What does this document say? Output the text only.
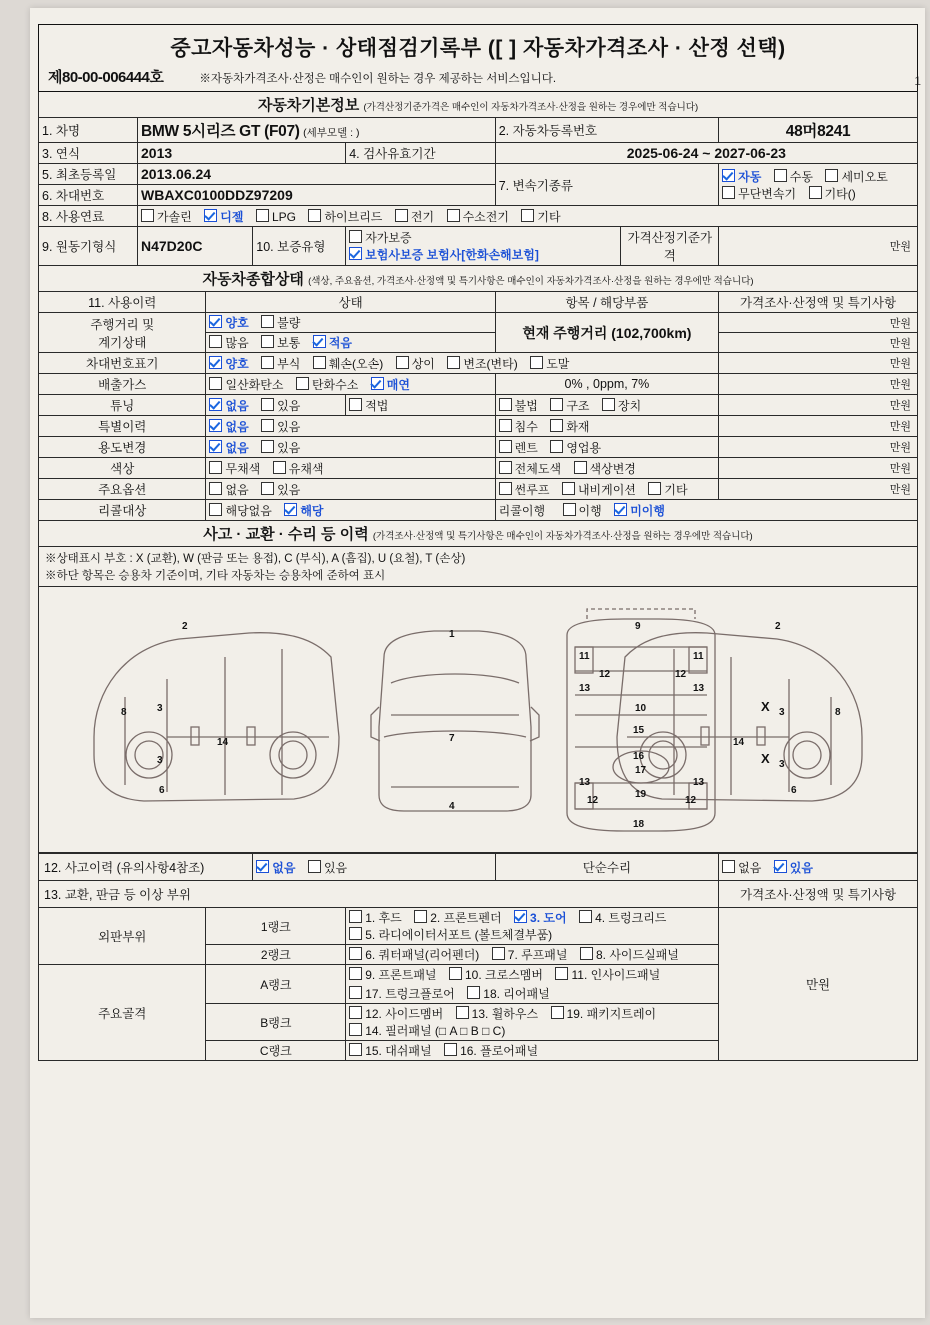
1
중고자동차성능 · 상태점검기록부 ([ ] 자동차가격조사 · 산정 선택)
제80-00-006444호 ※자동차가격조사·산정은 매수인이 원하는 경우 제공하는 서비스입니다.							

자동차기본정보 (가격산정기준가격은 매수인이 자동차가격조사·산정을 원하는 경우에만 적습니다)							
1. 차명	BMW 5시리즈 GT (F07) (세부모델 : )				2. 자동차등록번호		48머8241
3. 연식	2013			4. 검사유효기간	2025-06-24 ~ 2027-06-23		
5. 최초등록일	2013.06.24				7. 변속기종류		자동 수동 세미오토
무단변속기 기타()

6. 차대번호	WBAXC0100DDZ97209						
8. 사용연료	가솔린 디젤 LPG 하이브리드 전기 수소전기 기타						
9. 원동기형식	N47D20C		10. 보증유형	자가보증 보험사보증 보험사[한화손해보험]		가격산정기준가격	만원
자동차종합상태 (색상, 주요옵션, 가격조사·산정액 및 특기사항은 매수인이 자동차가격조사·산정을 원하는 경우에만 적습니다)							
11. 사용이력		상태			항목 / 해당부품		가격조사·산정액 및 특기사항
주행거리 및
계기상태		양호 불량			현재 주행거리 (102,700km)		만원
		많음 보통 적음					만원
차대번호표기		양호 부식 훼손(오손) 상이 변조(변타) 도말					만원
배출가스		일산화탄소 탄화수소 매연			0% , 0ppm, 7%		만원
튜닝		없음 있음		적법	불법 구조 장치		만원
특별이력		없음 있음			침수 화재		만원
용도변경		없음 있음			렌트 영업용		만원
색상		무채색 유채색			전체도색 색상변경		만원
주요옵션		없음 있음			썬루프 내비게이션 기타		만원
리콜대상		해당없음 해당			리콜이행 이행 미이행		
사고 · 교환 · 수리 등 이력 (가격조사·산정액 및 특기사항은 매수인이 자동차가격조사·산정을 원하는 경우에만 적습니다)							

※상태표시 부호 : X (교환), W (판금 또는 용접), C (부식), A (흠집), U (요철), T (손상)
※하단 항목은 승용차 기준이며, 기타 자동차는 승용차에 준하여 표시							

2
8	3
3
14
6
1
7
4
9
11	11
12	12
13	13
10
15
16
13	13
12	12
17
18
19
2
8
X 3
X 3
14
6

12. 사고이력 (유의사항4참조)			없음 있음		단순수리		없음 있음
13. 교환, 판금 등 이상 부위							가격조사·산정액 및 특기사항
외판부위		1랭크		1. 후드 2. 프론트펜더 3. 도어 4. 트렁크리드
5. 라디에이터서포트 (볼트체결부품)			만원
		2랭크		6. 쿼터패널(리어펜더) 7. 루프패널 8. 사이드실패널			
주요골격		A랭크		9. 프론트패널 10. 크로스멤버 11. 인사이드패널			
				17. 트렁크플로어 18. 리어패널			
		B랭크		12. 사이드멤버 13. 휠하우스 19. 패키지트레이
14. 필러패널 (□ A □ B □ C)			

		C랭크		15. 대쉬패널 16. 플로어패널			
